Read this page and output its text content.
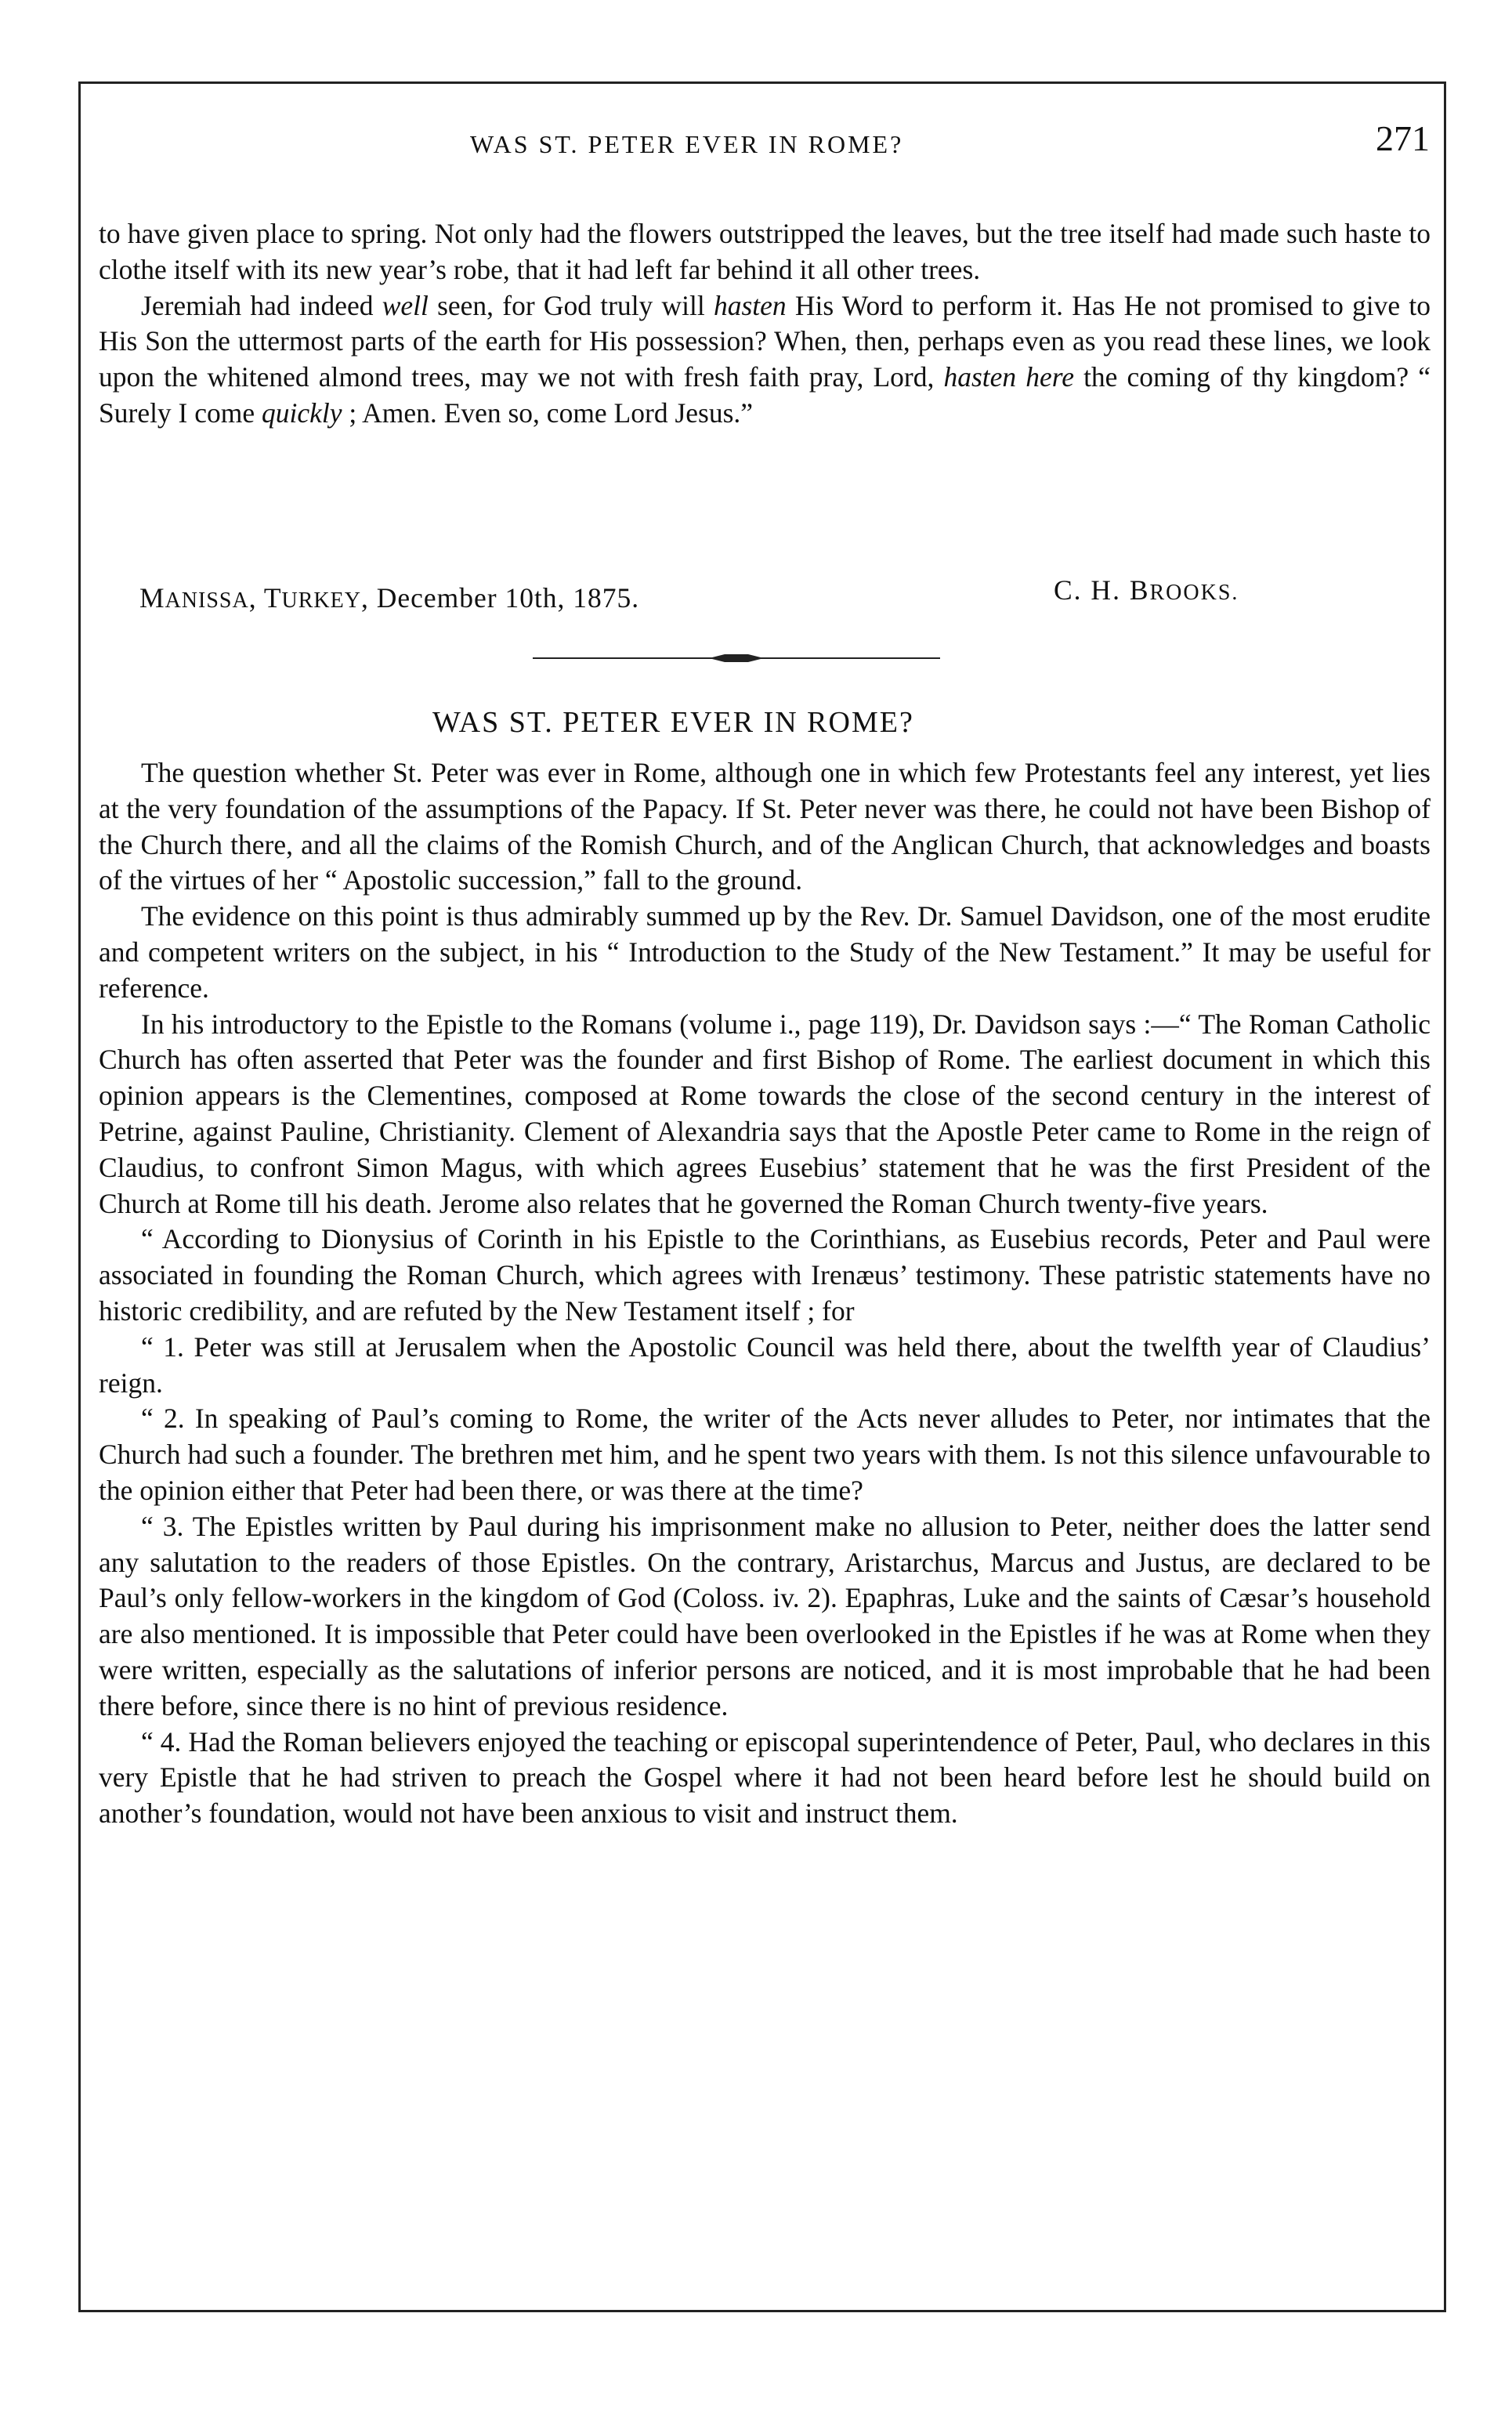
WAS ST. PETER EVER IN ROME?	271

to have given place to spring. Not only had the flowers outstripped the leaves, but the tree itself had made such haste to clothe itself with its new year’s robe, that it had left far behind it all other trees.

Jeremiah had indeed well seen, for God truly will hasten His Word to perform it. Has He not promised to give to His Son the uttermost parts of the earth for His possession? When, then, perhaps even as you read these lines, we look upon the whitened almond trees, may we not with fresh faith pray, Lord, hasten here the coming of thy kingdom? “ Surely I come quickly ; Amen. Even so, come Lord Jesus.”

C. H. BROOKS.
MANISSA, TURKEY, December 10th, 1875.
WAS ST. PETER EVER IN ROME?

The question whether St. Peter was ever in Rome, although one in which few Protestants feel any interest, yet lies at the very foundation of the assumptions of the Papacy. If St. Peter never was there, he could not have been Bishop of the Church there, and all the claims of the Romish Church, and of the Anglican Church, that acknowledges and boasts of the virtues of her “ Apostolic succession,” fall to the ground.

The evidence on this point is thus admirably summed up by the Rev. Dr. Samuel Davidson, one of the most erudite and competent writers on the subject, in his “ Introduction to the Study of the New Testament.” It may be useful for reference.

In his introductory to the Epistle to the Romans (volume i., page 119), Dr. Davidson says :—“ The Roman Catholic Church has often asserted that Peter was the founder and first Bishop of Rome. The earliest document in which this opinion appears is the Clementines, composed at Rome towards the close of the second century in the interest of Petrine, against Pauline, Christianity. Clement of Alexandria says that the Apostle Peter came to Rome in the reign of Claudius, to confront Simon Magus, with which agrees Eusebius’ statement that he was the first President of the Church at Rome till his death. Jerome also relates that he governed the Roman Church twenty-five years.

“ According to Dionysius of Corinth in his Epistle to the Corinthians, as Eusebius records, Peter and Paul were associated in founding the Roman Church, which agrees with Irenæus’ testimony. These patristic statements have no historic credibility, and are refuted by the New Testament itself ; for

“ 1. Peter was still at Jerusalem when the Apostolic Council was held there, about the twelfth year of Claudius’ reign.

“ 2. In speaking of Paul’s coming to Rome, the writer of the Acts never alludes to Peter, nor intimates that the Church had such a founder. The brethren met him, and he spent two years with them. Is not this silence unfavourable to the opinion either that Peter had been there, or was there at the time?

“ 3. The Epistles written by Paul during his imprisonment make no allusion to Peter, neither does the latter send any salutation to the readers of those Epistles. On the contrary, Aristarchus, Marcus and Justus, are declared to be Paul’s only fellow-workers in the kingdom of God (Coloss. iv. 2). Epaphras, Luke and the saints of Cæsar’s household are also mentioned. It is impossible that Peter could have been overlooked in the Epistles if he was at Rome when they were written, especially as the salutations of inferior persons are noticed, and it is most improbable that he had been there before, since there is no hint of previous residence.

“ 4. Had the Roman believers enjoyed the teaching or episcopal superintendence of Peter, Paul, who declares in this very Epistle that he had striven to preach the Gospel where it had not been heard before lest he should build on another’s foundation, would not have been anxious to visit and instruct them.
